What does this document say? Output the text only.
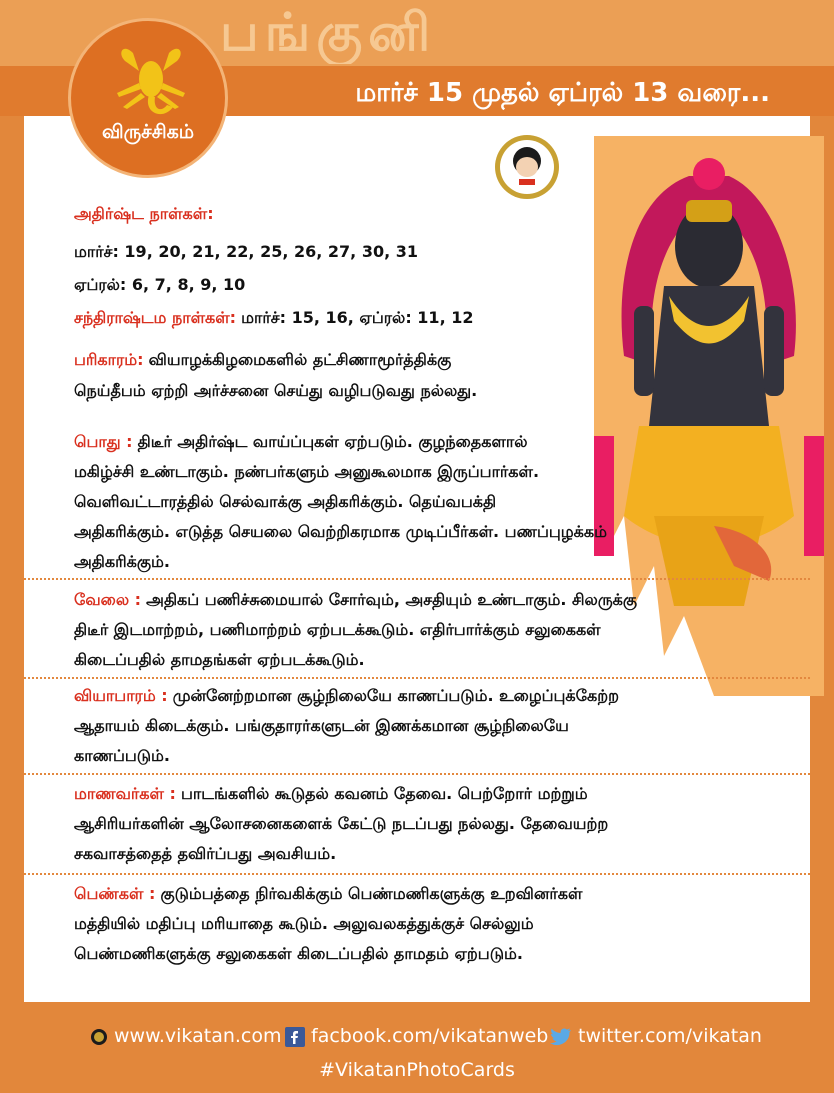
பங்குனி
மார்ச் 15 முதல் ஏப்ரல் 13 வரை...
விருச்சிகம்
அதிர்ஷ்ட நாள்கள்:
மார்ச்: 19, 20, 21, 22, 25, 26, 27, 30, 31
ஏப்ரல்: 6, 7, 8, 9, 10
சந்திராஷ்டம நாள்கள்: மார்ச்: 15, 16, ஏப்ரல்: 11, 12
பரிகாரம்: வியாழக்கிழமைகளில் தட்சிணாமூர்த்திக்கு
நெய்தீபம் ஏற்றி அர்ச்சனை செய்து வழிபடுவது நல்லது.
பொது : திடீர் அதிர்ஷ்ட வாய்ப்புகள் ஏற்படும். குழந்தைகளால்
மகிழ்ச்சி உண்டாகும். நண்பர்களும் அனுகூலமாக இருப்பார்கள்.
வெளிவட்டாரத்தில் செல்வாக்கு அதிகரிக்கும். தெய்வபக்தி
அதிகரிக்கும். எடுத்த செயலை வெற்றிகரமாக முடிப்பீர்கள். பணப்புழக்கம்
அதிகரிக்கும்.
வேலை : அதிகப் பணிச்சுமையால் சோர்வும், அசதியும் உண்டாகும். சிலருக்கு
திடீர் இடமாற்றம், பணிமாற்றம் ஏற்படக்கூடும். எதிர்பார்க்கும் சலுகைகள்
கிடைப்பதில் தாமதங்கள் ஏற்படக்கூடும்.
வியாபாரம் : முன்னேற்றமான சூழ்நிலையே காணப்படும். உழைப்புக்கேற்ற
ஆதாயம் கிடைக்கும். பங்குதாரர்களுடன் இணக்கமான சூழ்நிலையே
காணப்படும்.
மாணவர்கள் : பாடங்களில் கூடுதல் கவனம் தேவை. பெற்றோர் மற்றும்
ஆசிரியர்களின் ஆலோசனைகளைக் கேட்டு நடப்பது நல்லது. தேவையற்ற
சகவாசத்தைத் தவிர்ப்பது அவசியம்.
பெண்கள் : குடும்பத்தை நிர்வகிக்கும் பெண்மணிகளுக்கு உறவினர்கள்
மத்தியில் மதிப்பு மரியாதை கூடும். அலுவலகத்துக்குச் செல்லும்
பெண்மணிகளுக்கு சலுகைகள் கிடைப்பதில் தாமதம் ஏற்படும்.
www.vikatan.com	facbook.com/vikatanweb	twitter.com/vikatan
#VikatanPhotoCards
